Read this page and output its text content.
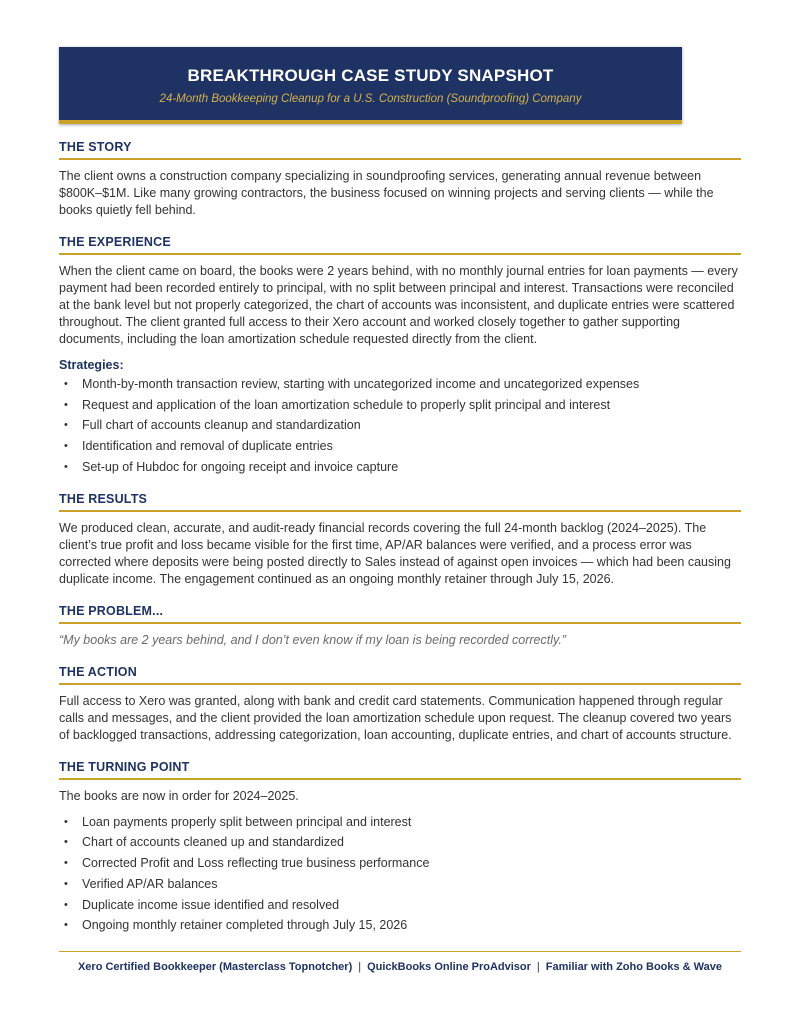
BREAKTHROUGH CASE STUDY SNAPSHOT
24-Month Bookkeeping Cleanup for a U.S. Construction (Soundproofing) Company
THE STORY

The client owns a construction company specializing in soundproofing services, generating annual revenue between $800K–$1M. Like many growing contractors, the business focused on winning projects and serving clients — while the books quietly fell behind.

THE EXPERIENCE

When the client came on board, the books were 2 years behind, with no monthly journal entries for loan payments — every payment had been recorded entirely to principal, with no split between principal and interest. Transactions were reconciled at the bank level but not properly categorized, the chart of accounts was inconsistent, and duplicate entries were scattered throughout. The client granted full access to their Xero account and worked closely together to gather supporting documents, including the loan amortization schedule requested directly from the client.

Strategies:
• Month-by-month transaction review, starting with uncategorized income and uncategorized expenses
• Request and application of the loan amortization schedule to properly split principal and interest
• Full chart of accounts cleanup and standardization
• Identification and removal of duplicate entries
• Set-up of Hubdoc for ongoing receipt and invoice capture
THE RESULTS

We produced clean, accurate, and audit-ready financial records covering the full 24-month backlog (2024–2025). The client’s true profit and loss became visible for the first time, AP/AR balances were verified, and a process error was corrected where deposits were being posted directly to Sales instead of against open invoices — which had been causing duplicate income. The engagement continued as an ongoing monthly retainer through July 15, 2026.

THE PROBLEM...

“My books are 2 years behind, and I don’t even know if my loan is being recorded correctly.”

THE ACTION

Full access to Xero was granted, along with bank and credit card statements. Communication happened through regular calls and messages, and the client provided the loan amortization schedule upon request. The cleanup covered two years of backlogged transactions, addressing categorization, loan accounting, duplicate entries, and chart of accounts structure.

THE TURNING POINT

The books are now in order for 2024–2025.

• Loan payments properly split between principal and interest
• Chart of accounts cleaned up and standardized
• Corrected Profit and Loss reflecting true business performance
• Verified AP/AR balances
• Duplicate income issue identified and resolved
• Ongoing monthly retainer completed through July 15, 2026
Xero Certified Bookkeeper (Masterclass Topnotcher) | QuickBooks Online ProAdvisor | Familiar with Zoho Books & Wave
